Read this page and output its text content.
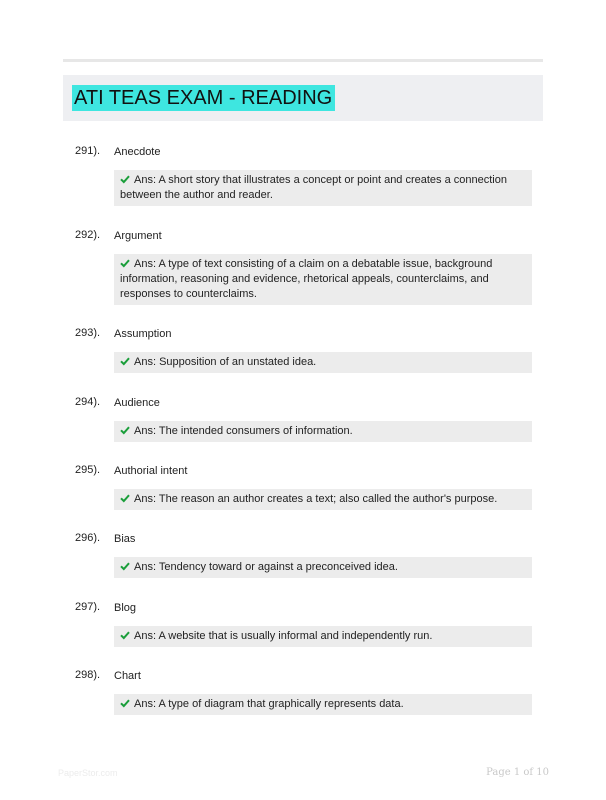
ATI TEAS EXAM - READING
291). Anecdote
Ans: A short story that illustrates a concept or point and creates a connection between the author and reader.
292). Argument
Ans: A type of text consisting of a claim on a debatable issue, background information, reasoning and evidence, rhetorical appeals, counterclaims, and responses to counterclaims.
293). Assumption
Ans: Supposition of an unstated idea.
294). Audience
Ans: The intended consumers of information.
295). Authorial intent
Ans: The reason an author creates a text; also called the author's purpose.
296). Bias
Ans: Tendency toward or against a preconceived idea.
297). Blog
Ans: A website that is usually informal and independently run.
298). Chart
Ans: A type of diagram that graphically represents data.
PaperStor.com	Page 1 of 10
